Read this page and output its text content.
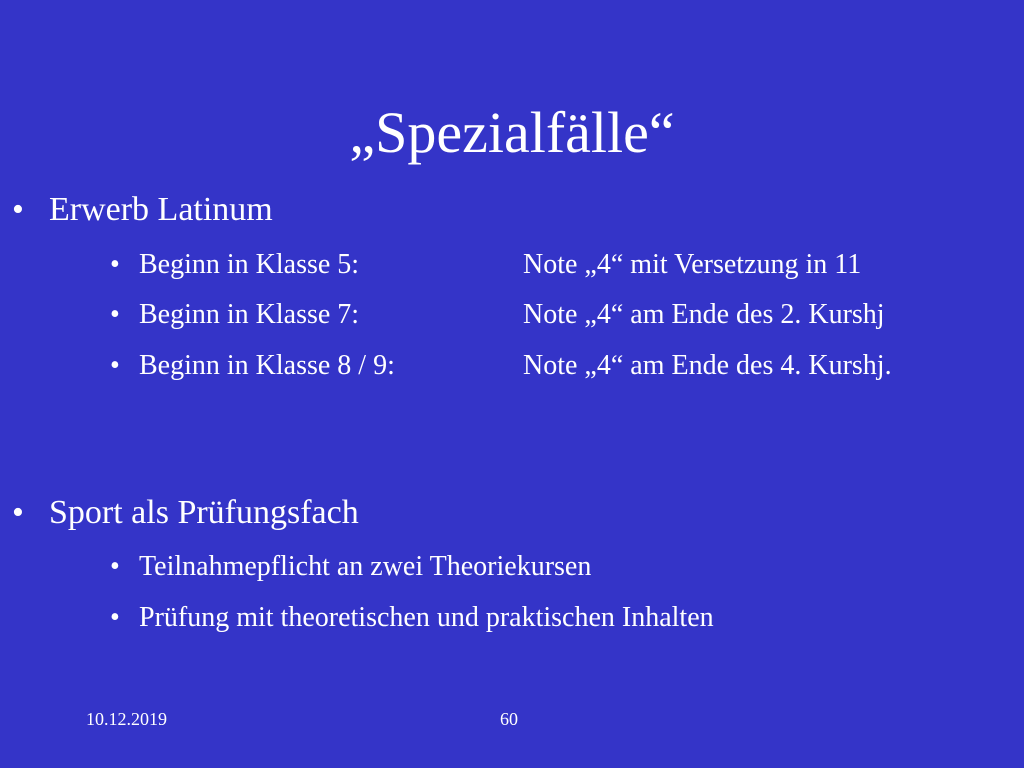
„Spezialfälle“
• Erwerb Latinum
• Beginn in Klasse 5:	Note „4“ mit Versetzung in 11
• Beginn in Klasse 7:	Note „4“ am Ende des 2. Kurshj
• Beginn in Klasse 8 / 9:	Note „4“ am Ende des 4. Kurshj.
• Sport als Prüfungsfach
• Teilnahmepflicht an zwei Theoriekursen
• Prüfung mit theoretischen und praktischen Inhalten
10.12.2019	60
